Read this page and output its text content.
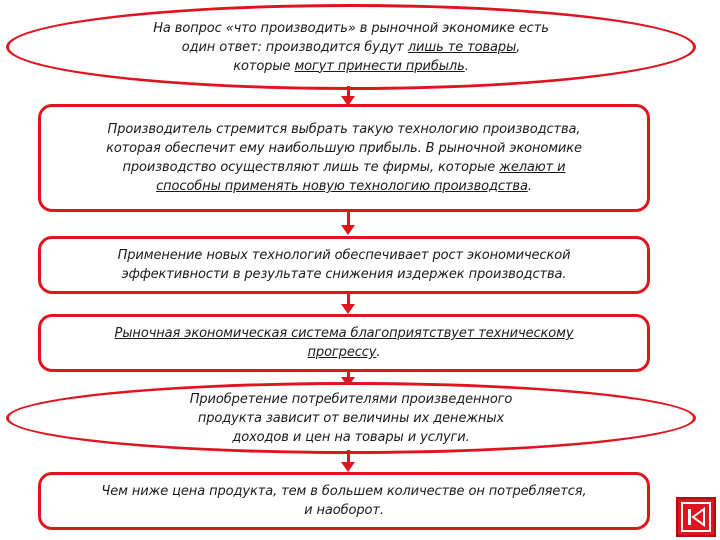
На вопрос «что производить» в рыночной экономике есть
один ответ: производится будут лишь те товары,
которые могут принести прибыль.
Производитель стремится выбрать такую технологию производства,
которая обеспечит ему наибольшую прибыль. В рыночной экономике
производство осуществляют лишь те фирмы, которые желают и
способны применять новую технологию производства.
Применение новых технологий обеспечивает рост экономической
эффективности в результате снижения издержек производства.
Рыночная экономическая система благоприятствует техническому
прогрессу.
Приобретение потребителями произведенного
продукта зависит от величины их денежных
доходов и цен на товары и услуги.
Чем ниже цена продукта, тем в большем количестве он потребляется,
и наоборот.
